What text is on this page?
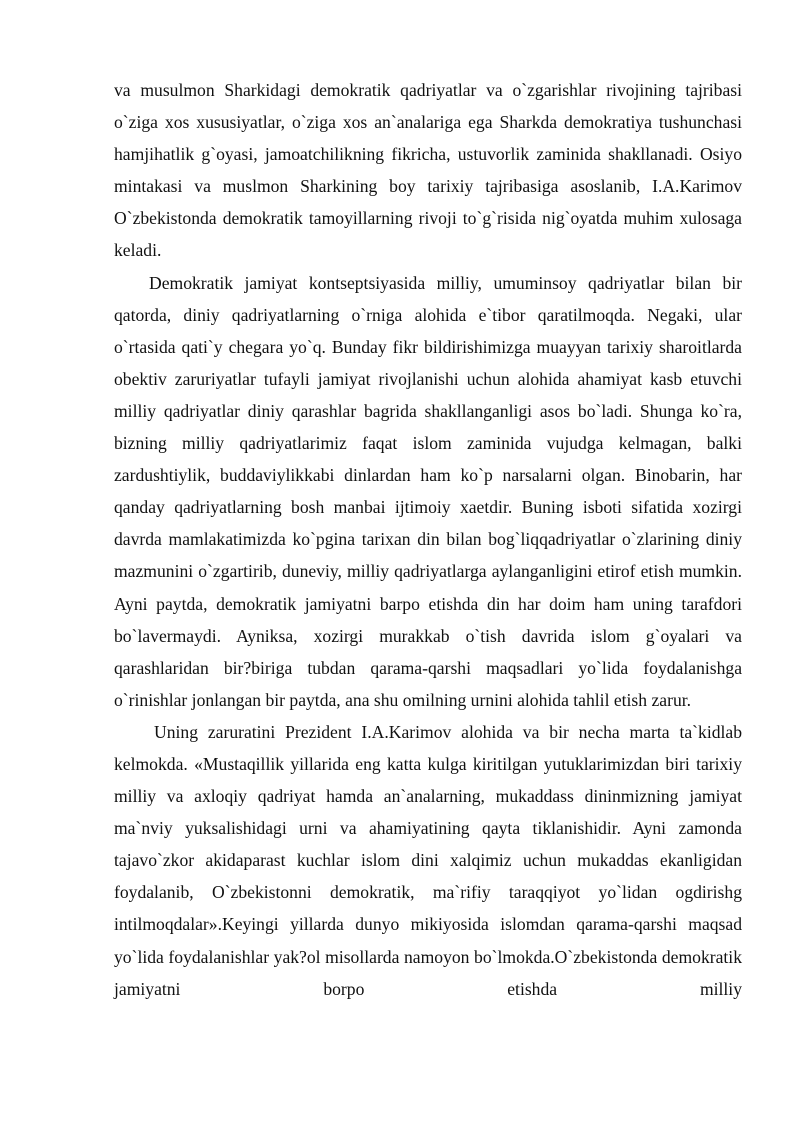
va musulmon Sharkidagi demokratik qadriyatlar va o`zgarishlar rivojining tajribasi o`ziga xos xususiyatlar, o`ziga xos an`analariga ega Sharkda demokratiya tushunchasi hamjihatlik g`oyasi, jamoatchilikning fikricha, ustuvorlik zaminida shakllanadi. Osiyo mintakasi va muslmon Sharkining boy tarixiy tajribasiga asoslanib, I.A.Karimov O`zbekistonda demokratik tamoyillarning rivoji to`g`risida nig`oyatda muhim xulosaga keladi.

Demokratik jamiyat kontseptsiyasida milliy, umuminsoy qadriyatlar bilan bir qatorda, diniy qadriyatlarning o`rniga alohida e`tibor qaratilmoqda. Negaki, ular o`rtasida qati`y chegara yo`q. Bunday fikr bildirishimizga muayyan tarixiy sharoitlarda obektiv zaruriyatlar tufayli jamiyat rivojlanishi uchun alohida ahamiyat kasb etuvchi milliy qadriyatlar diniy qarashlar bagrida shakllanganligi asos bo`ladi. Shunga ko`ra, bizning milliy qadriyatlarimiz faqat islom zaminida vujudga kelmagan, balki zardushtiylik, buddaviylikkabi dinlardan ham ko`p narsalarni olgan. Binobarin, har qanday qadriyatlarning bosh manbai ijtimoiy xaetdir. Buning isboti sifatida xozirgi davrda mamlakatimizda ko`pgina tarixan din bilan bog`liqqadriyatlar o`zlarining diniy mazmunini o`zgartirib, duneviy, milliy qadriyatlarga aylanganligini etirof etish mumkin. Ayni paytda, demokratik jamiyatni barpo etishda din har doim ham uning tarafdori bo`lavermaydi. Ayniksa, xozirgi murakkab o`tish davrida islom g`oyalari va qarashlaridan bir?biriga tubdan qarama-qarshi maqsadlari yo`lida foydalanishga o`rinishlar jonlangan bir paytda, ana shu omilning urnini alohida tahlil etish zarur.

Uning zaruratini Prezident I.A.Karimov alohida va bir necha marta ta`kidlab kelmokda. «Mustaqillik yillarida eng katta kulga kiritilgan yutuklarimizdan biri tarixiy milliy va axloqiy qadriyat hamda an`analarning, mukaddass dininmizning jamiyat ma`nviy yuksalishidagi urni va ahamiyatining qayta tiklanishidir. Ayni zamonda tajavo`zkor akidaparast kuchlar islom dini xalqimiz uchun mukaddas ekanligidan foydalanib, O`zbekistonni demokratik, ma`rifiy taraqqiyot yo`lidan ogdirishg intilmoqdalar».Keyingi yillarda dunyo mikiyosida islomdan qarama-qarshi maqsad yo`lida foydalanishlar yak?ol misollarda namoyon bo`lmokda.O`zbekistonda demokratik jamiyatni borpo etishda milliy
